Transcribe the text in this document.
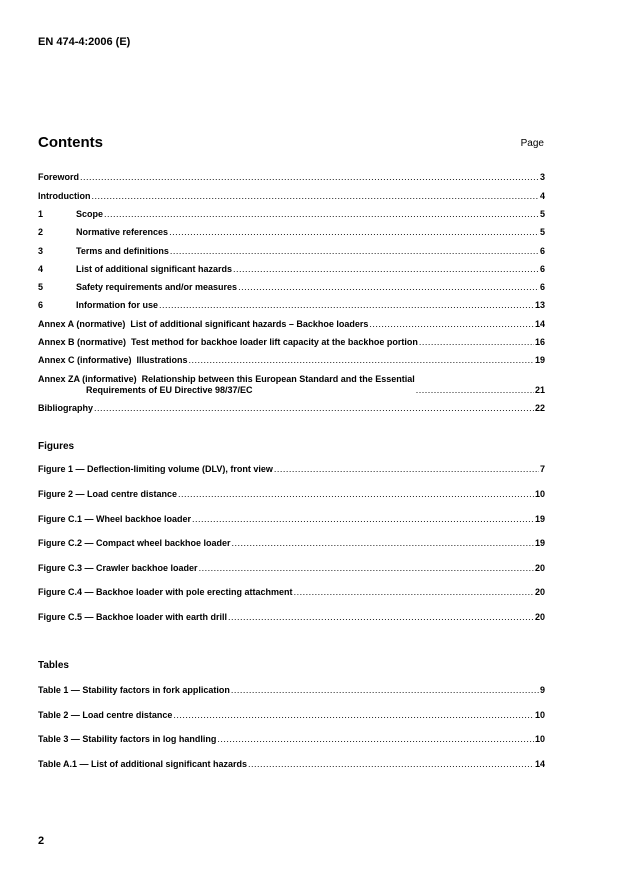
EN 474-4:2006 (E)
Contents	Page
Foreword .....	3
Introduction .....	4
1	Scope .....	5
2	Normative references .....	5
3	Terms and definitions .....	6
4	List of additional significant hazards .....	6
5	Safety requirements and/or measures .....	6
6	Information for use .....	13
Annex A (normative)  List of additional significant hazards – Backhoe loaders .....	14
Annex B (normative)  Test method for backhoe loader lift capacity at the backhoe portion .....	16
Annex C (informative)  Illustrations .....	19
Annex ZA (informative)  Relationship between this European Standard and the Essential
Requirements of EU Directive 98/37/EC .....	21
Bibliography .....	22
Figures
Figure 1 — Deflection-limiting volume (DLV), front view .....	7
Figure 2 — Load centre distance .....	10
Figure C.1 — Wheel backhoe loader .....	19
Figure C.2 — Compact wheel backhoe loader .....	19
Figure C.3 — Crawler backhoe loader .....	20
Figure C.4 — Backhoe loader with pole erecting attachment .....	20
Figure C.5 — Backhoe loader with earth drill .....	20
Tables
Table 1 — Stability factors in fork application .....	9
Table 2 — Load centre distance .....	10
Table 3 — Stability factors in log handling .....	10
Table A.1 — List of additional significant hazards .....	14
2
